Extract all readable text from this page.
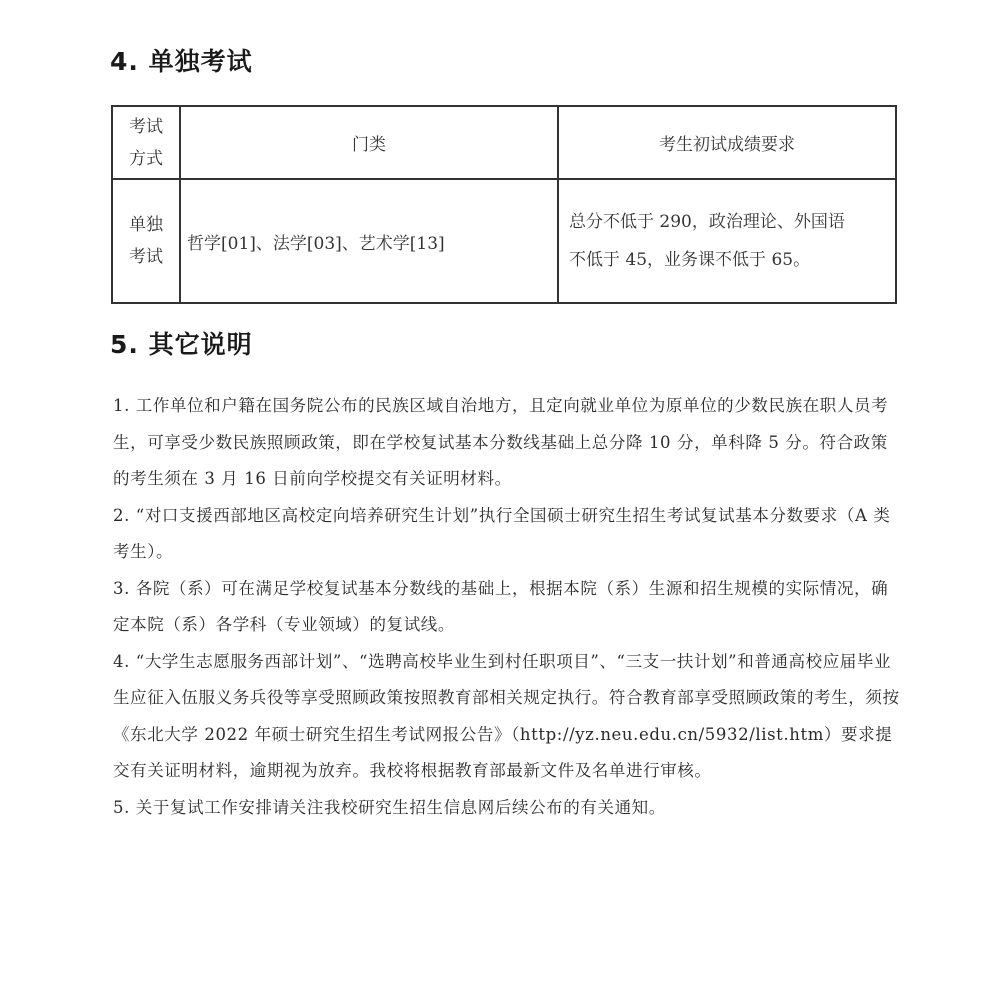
4. 单独考试
考试
方式	门类	考生初试成绩要求

单独
考试	哲学[01]、法学[03]、艺术学[13]	总分不低于 290，政治理论、外国语
不低于 45，业务课不低于 65。
5. 其它说明

1. 工作单位和户籍在国务院公布的民族区域自治地方，且定向就业单位为原单位的少数民族在职人员考生，可享受少数民族照顾政策，即在学校复试基本分数线基础上总分降 10 分，单科降 5 分。符合政策的考生须在 3 月 16 日前向学校提交有关证明材料。

2. “对口支援西部地区高校定向培养研究生计划”执行全国硕士研究生招生考试复试基本分数要求（A 类考生）。

3. 各院（系）可在满足学校复试基本分数线的基础上，根据本院（系）生源和招生规模的实际情况，确定本院（系）各学科（专业领域）的复试线。

4. “大学生志愿服务西部计划”、“选聘高校毕业生到村任职项目”、“三支一扶计划”和普通高校应届毕业生应征入伍服义务兵役等享受照顾政策按照教育部相关规定执行。符合教育部享受照顾政策的考生，须按《东北大学 2022 年硕士研究生招生考试网报公告》（http://yz.neu.edu.cn/5932/list.htm）要求提交有关证明材料，逾期视为放弃。我校将根据教育部最新文件及名单进行审核。

5. 关于复试工作安排请关注我校研究生招生信息网后续公布的有关通知。
